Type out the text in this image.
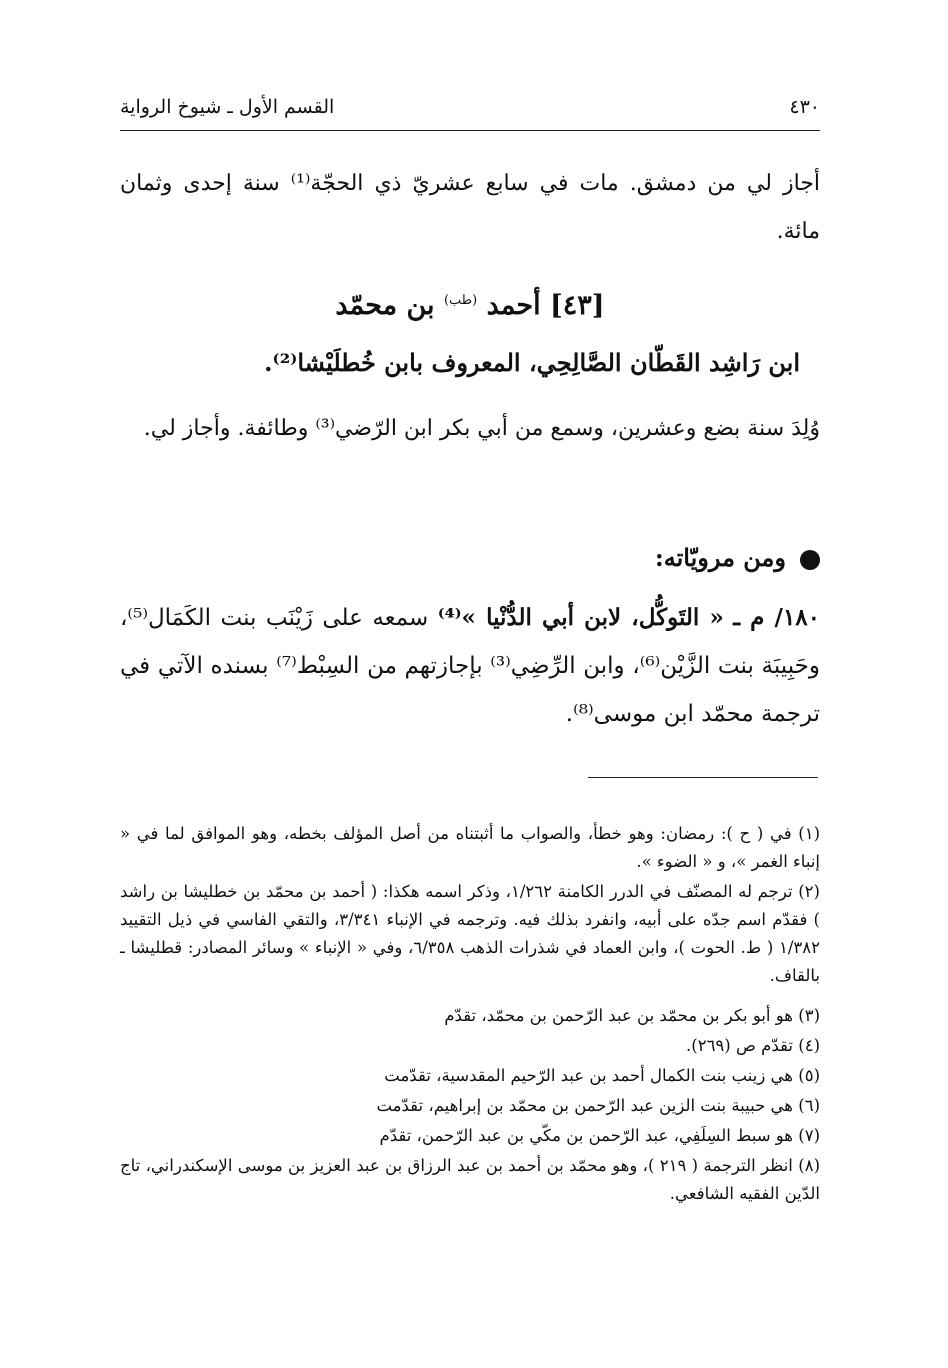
٤٣٠
القسم الأول ـ شيوخ الرواية

أجاز لي من دمشق. مات في سابع عشريّ ذي الحجّة⁽¹⁾ سنة إحدى وثمان مائة.

[٤٣] أحمد $^{(طب)}$ بن محمّد
ابن رَاشِد القَطّان الصَّالِحِي، المعروف بابن خُطلَيْشا⁽²⁾.

وُلِدَ سنة بضع وعشرين، وسمع من أبي بكر ابن الرّضي⁽³⁾ وطائفة. وأجاز لي.

ومن مرويّاته:

١٨٠/ م ـ « التَوكُّل، لابن أبي الدُّنْيا »⁽⁴⁾ سمعه على زَيْنَب بنت الكَمَال⁽⁵⁾، وحَبِيبَة بنت الزَّيْن⁽⁶⁾، وابن الرِّضِي⁽³⁾ بإجازتهم من السِبْط⁽⁷⁾ بسنده الآتي في ترجمة محمّد ابن موسى⁽⁸⁾.

(١) في ( ح ): رمضان: وهو خطأ، والصواب ما أثبتناه من أصل المؤلف بخطه، وهو الموافق لما في « إنباء الغمر »، و « الضوء ».

(٢) ترجم له المصنّف في الدرر الكامنة ١/٢٦٢، وذكر اسمه هكذا: ( أحمد بن محمّد بن خطليشا بن راشد ) فقدّم اسم جدّه على أبيه، وانفرد بذلك فيه. وترجمه في الإنباء ٣/٣٤١، والتقي الفاسي في ذيل التقييد ١/٣٨٢ ( ط. الحوت )، وابن العماد في شذرات الذهب ٦/٣٥٨، وفي « الإنباء » وسائر المصادر: قطليشا ـ بالقاف.

(٣) هو أبو بكر بن محمّد بن عبد الرّحمن بن محمّد، تقدّم

(٤) تقدّم ص (٢٦٩).

(٥) هي زينب بنت الكمال أحمد بن عبد الرّحيم المقدسية، تقدّمت

(٦) هي حبيبة بنت الزين عبد الرّحمن بن محمّد بن إبراهيم، تقدّمت

(٧) هو سبط السِلَفِي، عبد الرّحمن بن مكّي بن عبد الرّحمن، تقدّم

(٨) انظر الترجمة ( ٢١٩ )، وهو محمّد بن أحمد بن عبد الرزاق بن عبد العزيز بن موسى الإسكندراني، تاج الدّين الفقيه الشافعي.
